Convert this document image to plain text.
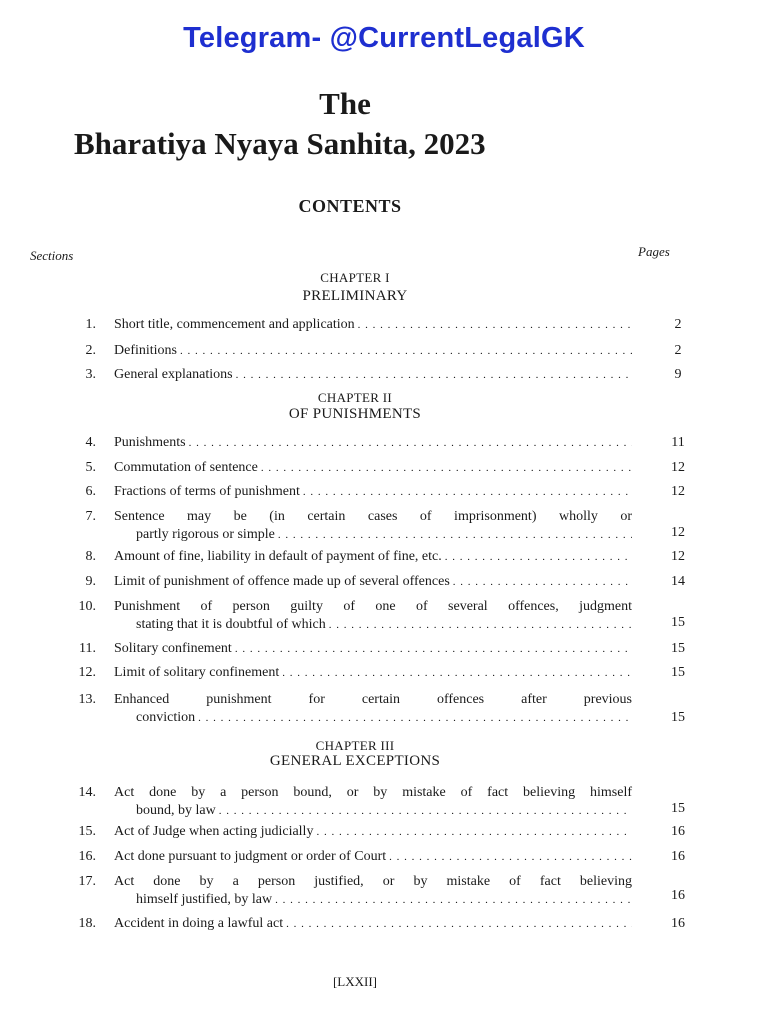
Telegram- @CurrentLegalGK
The
Bharatiya Nyaya Sanhita, 2023
CONTENTS
Sections	Pages
CHAPTER I
PRELIMINARY
CHAPTER II
OF PUNISHMENTS
CHAPTER III
GENERAL EXCEPTIONS
1. Short title, commencement and application . . .	2
2. Definitions . . .	2
3. General explanations . . .	9
4. Punishments . . .	11
5. Commutation of sentence . . .	12
6. Fractions of terms of punishment . . .	12
7. Sentence may be (in certain cases of imprisonment) wholly or
partly rigorous or simple . . .	12
8. Amount of fine, liability in default of payment of fine, etc. . . .	12
9. Limit of punishment of offence made up of several offences . . .	14
10. Punishment of person guilty of one of several offences, judgment
stating that it is doubtful of which . . .	15
11. Solitary confinement . . .	15
12. Limit of solitary confinement . . .	15
13. Enhanced punishment for certain offences after previous
conviction . . .	15
14. Act done by a person bound, or by mistake of fact believing himself
bound, by law . . .	15
15. Act of Judge when acting judicially . . .	16
16. Act done pursuant to judgment or order of Court . . .	16
17. Act done by a person justified, or by mistake of fact believing
himself justified, by law . . .	16
18. Accident in doing a lawful act . . .	16
[LXXII]
